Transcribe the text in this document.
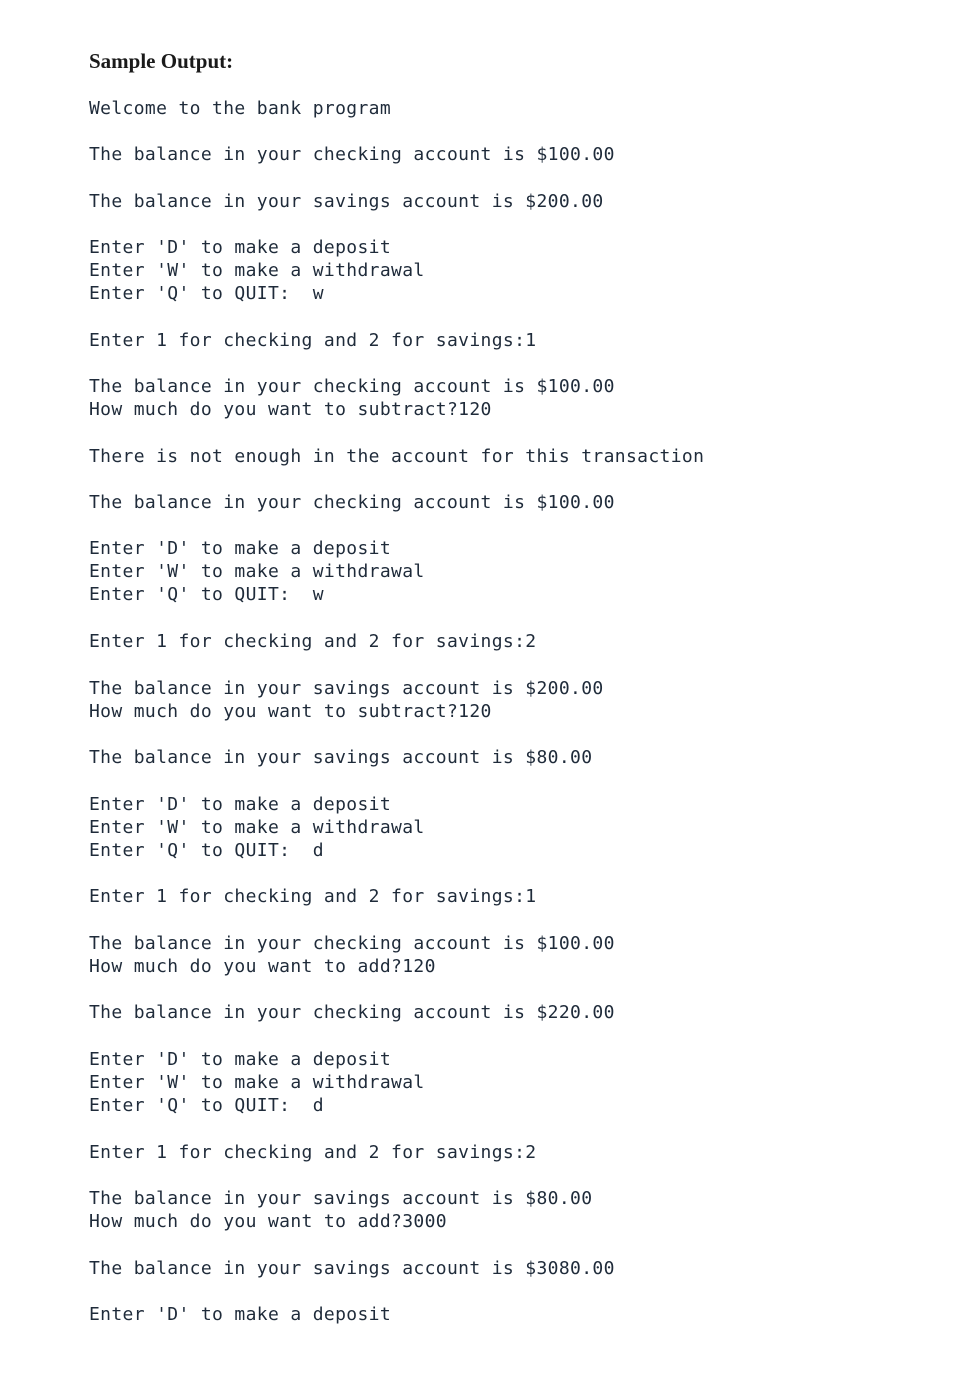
Sample Output:
Welcome to the bank program
The balance in your checking account is $100.00
The balance in your savings account is $200.00
Enter 'D' to make a deposit
Enter 'W' to make a withdrawal
Enter 'Q' to QUIT:  w
Enter 1 for checking and 2 for savings:1
The balance in your checking account is $100.00
How much do you want to subtract?120
There is not enough in the account for this transaction
The balance in your checking account is $100.00
Enter 'D' to make a deposit
Enter 'W' to make a withdrawal
Enter 'Q' to QUIT:  w
Enter 1 for checking and 2 for savings:2
The balance in your savings account is $200.00
How much do you want to subtract?120
The balance in your savings account is $80.00
Enter 'D' to make a deposit
Enter 'W' to make a withdrawal
Enter 'Q' to QUIT:  d
Enter 1 for checking and 2 for savings:1
The balance in your checking account is $100.00
How much do you want to add?120
The balance in your checking account is $220.00
Enter 'D' to make a deposit
Enter 'W' to make a withdrawal
Enter 'Q' to QUIT:  d
Enter 1 for checking and 2 for savings:2
The balance in your savings account is $80.00
How much do you want to add?3000
The balance in your savings account is $3080.00
Enter 'D' to make a deposit
